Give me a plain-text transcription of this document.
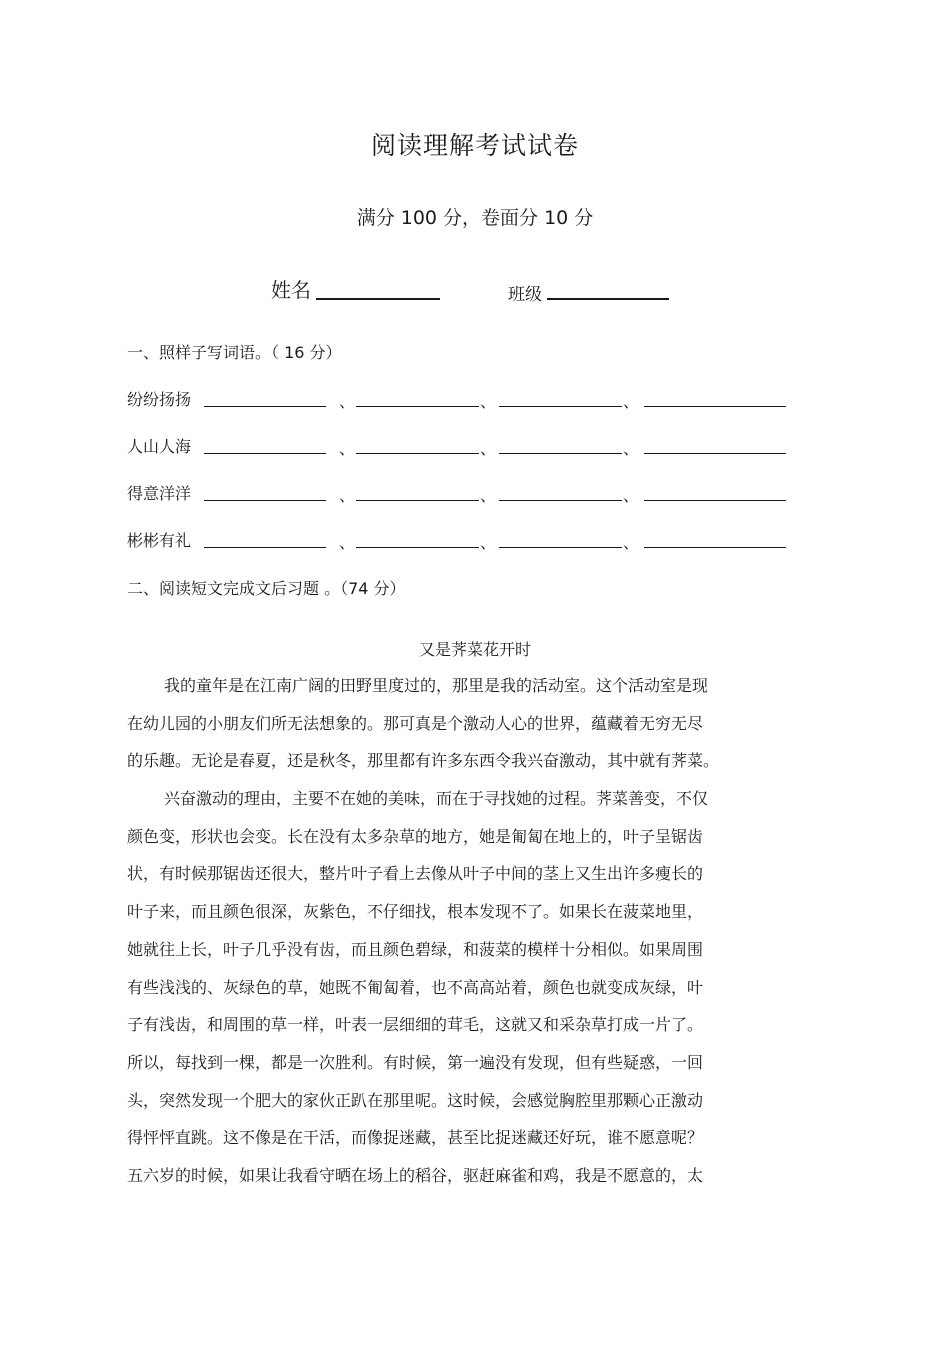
阅读理解考试试卷
满分 100 分，卷面分 10 分
姓名	班级
一、照样子写词语。（ 16 分）
纷纷扬扬	、	、	、
人山人海	、	、	、
得意洋洋	、	、	、
彬彬有礼	、	、	、
二、阅读短文完成文后习题 。（74 分）
又是荠菜花开时
我的童年是在江南广阔的田野里度过的，那里是我的活动室。这个活动室是现
在幼儿园的小朋友们所无法想象的。那可真是个激动人心的世界，蕴藏着无穷无尽
的乐趣。无论是春夏，还是秋冬，那里都有许多东西令我兴奋激动，其中就有荠菜。
兴奋激动的理由，主要不在她的美味，而在于寻找她的过程。荠菜善变，不仅
颜色变，形状也会变。长在没有太多杂草的地方，她是匍匐在地上的，叶子呈锯齿
状，有时候那锯齿还很大，整片叶子看上去像从叶子中间的茎上又生出许多瘦长的
叶子来，而且颜色很深，灰紫色，不仔细找，根本发现不了。如果长在菠菜地里，
她就往上长，叶子几乎没有齿，而且颜色碧绿，和菠菜的模样十分相似。如果周围
有些浅浅的、灰绿色的草，她既不匍匐着，也不高高站着，颜色也就变成灰绿，叶
子有浅齿，和周围的草一样，叶表一层细细的茸毛，这就又和采杂草打成一片了。
所以，每找到一棵，都是一次胜利。有时候，第一遍没有发现，但有些疑惑，一回
头，突然发现一个肥大的家伙正趴在那里呢。这时候，会感觉胸腔里那颗心正激动
得怦怦直跳。这不像是在干活，而像捉迷藏，甚至比捉迷藏还好玩，谁不愿意呢？
五六岁的时候，如果让我看守晒在场上的稻谷，驱赶麻雀和鸡，我是不愿意的，太
